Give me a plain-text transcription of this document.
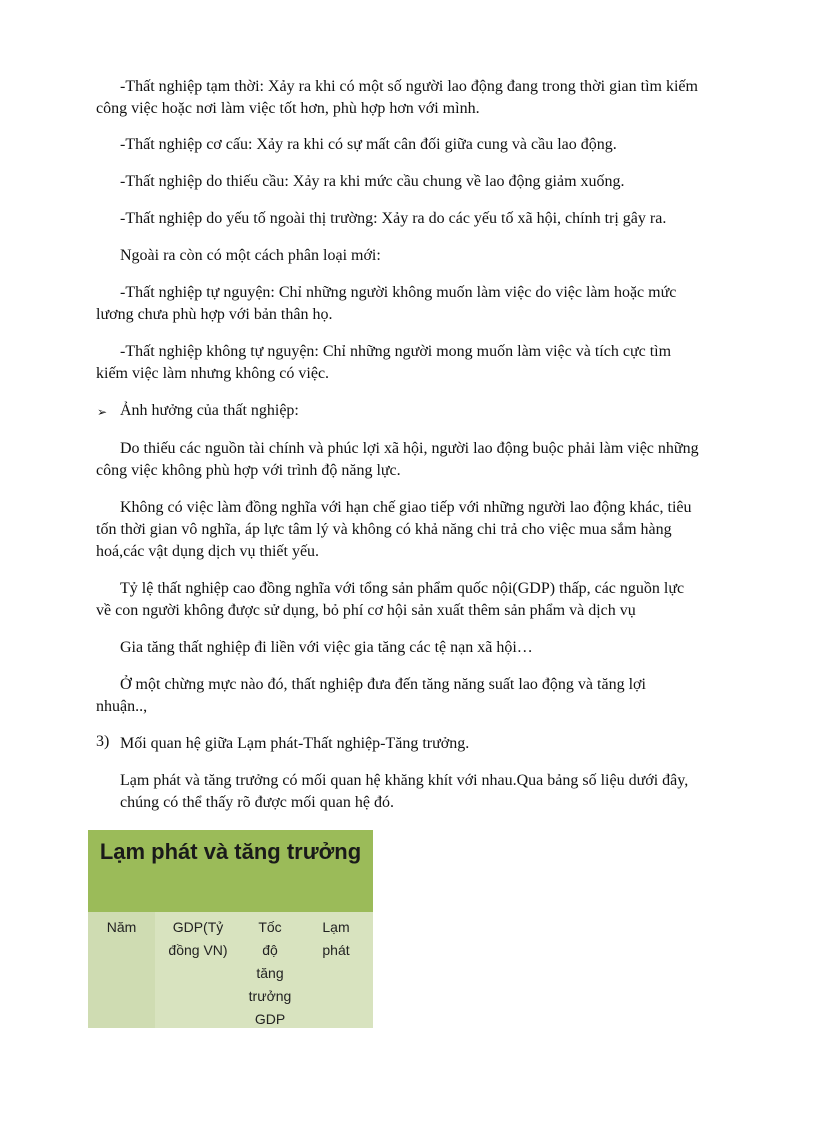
-Thất nghiệp tạm thời: Xảy ra khi có một số người lao động đang trong thời gian tìm kiếm

công việc hoặc nơi làm việc tốt hơn, phù hợp hơn với mình.

-Thất nghiệp cơ cấu: Xảy ra khi có sự mất cân đối giữa cung và cầu lao động.

-Thất nghiệp do thiếu cầu: Xảy ra khi mức cầu chung về lao động giảm xuống.

-Thất nghiệp do yếu tố ngoài thị trường: Xảy ra do các yếu tố xã hội, chính trị gây ra.

Ngoài ra còn có một cách phân loại mới:

-Thất nghiệp tự nguyện: Chỉ những người không muốn làm việc do việc làm hoặc mức

lương chưa phù hợp với bản thân họ.

-Thất nghiệp không tự nguyện: Chỉ những người mong muốn làm việc và tích cực tìm

kiếm việc làm nhưng không có việc.

➢ Ảnh hưởng của thất nghiệp:

Do thiếu các nguồn tài chính và phúc lợi xã hội, người lao động buộc phải làm việc những

công việc không phù hợp với trình độ năng lực.

Không có việc làm đồng nghĩa với hạn chế giao tiếp với những người lao động khác, tiêu

tốn thời gian vô nghĩa, áp lực tâm lý và không có khả năng chi trả cho việc mua sắm hàng

hoá,các vật dụng dịch vụ thiết yếu.

Tỷ lệ thất nghiệp cao đồng nghĩa với tổng sản phẩm quốc nội(GDP) thấp, các nguồn lực

về con người không được sử dụng, bỏ phí cơ hội sản xuất thêm sản phẩm và dịch vụ

Gia tăng thất nghiệp đi liền với việc gia tăng các tệ nạn xã hội…

Ở một chừng mực nào đó, thất nghiệp đưa đến tăng năng suất lao động và tăng lợi

nhuận..,

3) Mối quan hệ giữa Lạm phát-Thất nghiệp-Tăng trưởng.

Lạm phát và tăng trưởng có mối quan hệ khăng khít với nhau.Qua bảng số liệu dưới đây,

chúng có thể thấy rõ được mối quan hệ đó.

Lạm phát và tăng trưởng
Năm	GDP(Tỷ
đồng VN)
Tốc
độ
tăng
trưởng
GDP
Lạm
phát
